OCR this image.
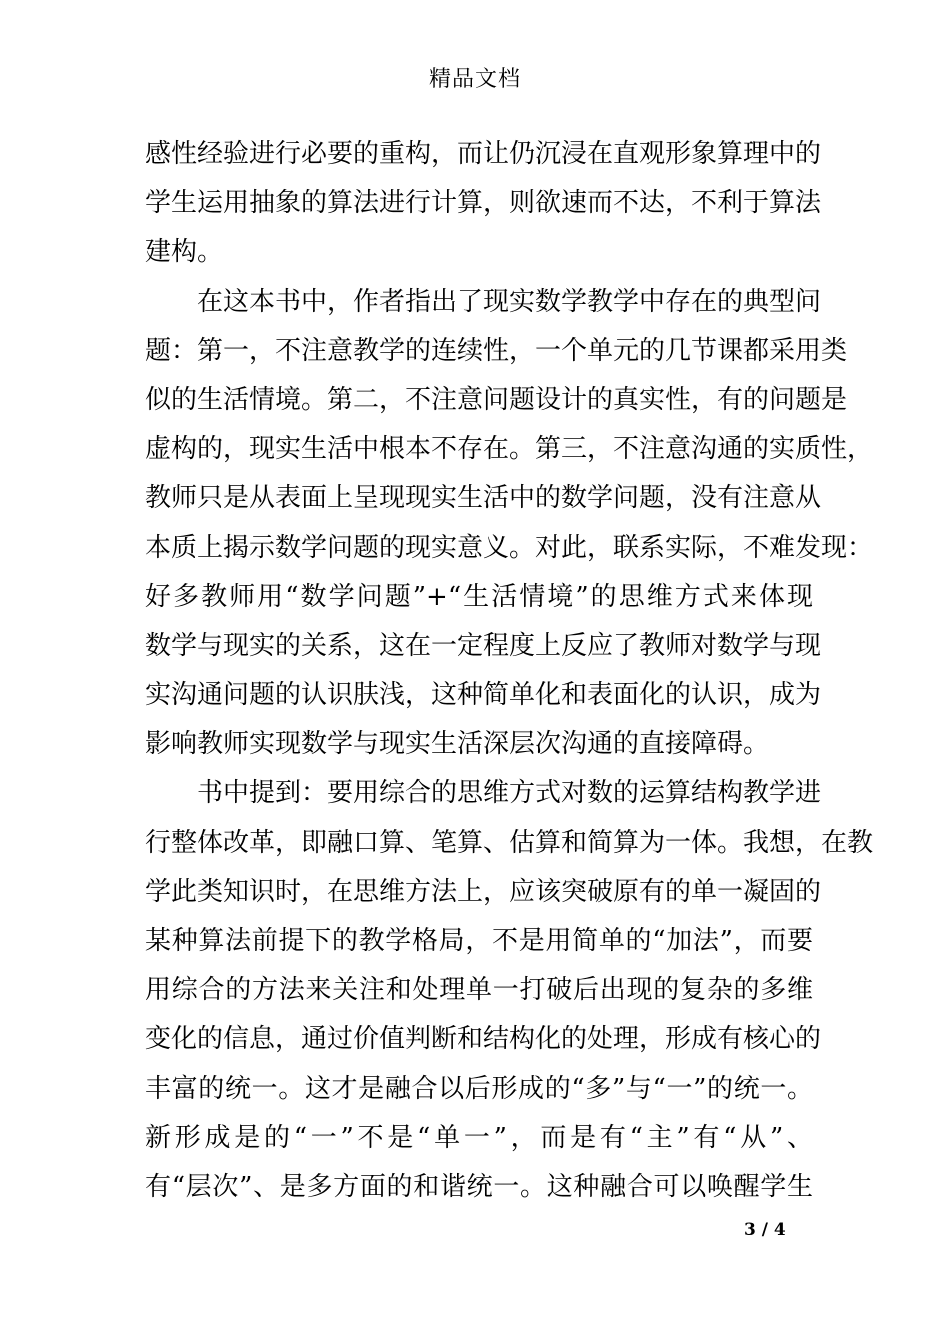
精品文档
感性经验进行必要的重构，而让仍沉浸在直观形象算理中的
学生运用抽象的算法进行计算，则欲速而不达，不利于算法
建构。
在这本书中，作者指出了现实数学教学中存在的典型问
题：第一，不注意教学的连续性，一个单元的几节课都采用类
似的生活情境。第二，不注意问题设计的真实性，有的问题是
虚构的，现实生活中根本不存在。第三，不注意沟通的实质性，
教师只是从表面上呈现现实生活中的数学问题，没有注意从
本质上揭示数学问题的现实意义。对此，联系实际，不难发现：
好多教师用“数学问题”+“生活情境”的思维方式来体现
数学与现实的关系，这在一定程度上反应了教师对数学与现
实沟通问题的认识肤浅，这种简单化和表面化的认识，成为
影响教师实现数学与现实生活深层次沟通的直接障碍。
书中提到：要用综合的思维方式对数的运算结构教学进
行整体改革，即融口算、笔算、估算和简算为一体。我想，在教
学此类知识时，在思维方法上，应该突破原有的单一凝固的
某种算法前提下的教学格局，不是用简单的“加法”，而要
用综合的方法来关注和处理单一打破后出现的复杂的多维
变化的信息，通过价值判断和结构化的处理，形成有核心的
丰富的统一。这才是融合以后形成的“多”与“一”的统一。
新形成是的“一”不是“单一”，而是有“主”有“从”、
有“层次”、是多方面的和谐统一。这种融合可以唤醒学生
3 / 4
